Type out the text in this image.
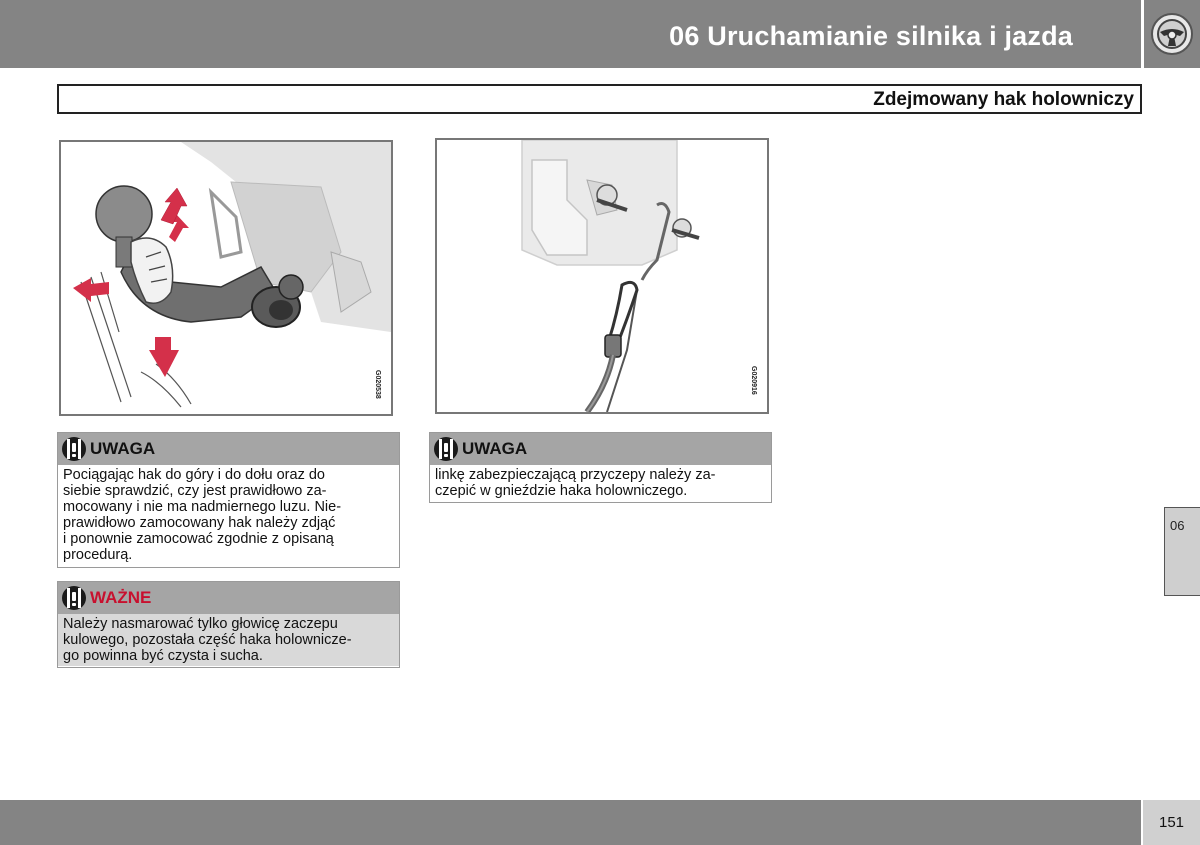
06 Uruchamianie silnika i jazda
Zdejmowany hak holowniczy
G020538	G020916
UWAGA
Pociągając hak do góry i do dołu oraz do
siebie sprawdzić, czy jest prawidłowo za-
mocowany i nie ma nadmiernego luzu. Nie-
prawidłowo zamocowany hak należy zdjąć
i ponownie zamocować zgodnie z opisaną
procedurą.
WAŻNE
Należy nasmarować tylko głowicę zaczepu
kulowego, pozostała część haka holownicze-
go powinna być czysta i sucha.
UWAGA
linkę zabezpieczającą przyczepy należy za-
czepić w gnieździe haka holowniczego.
06
151
